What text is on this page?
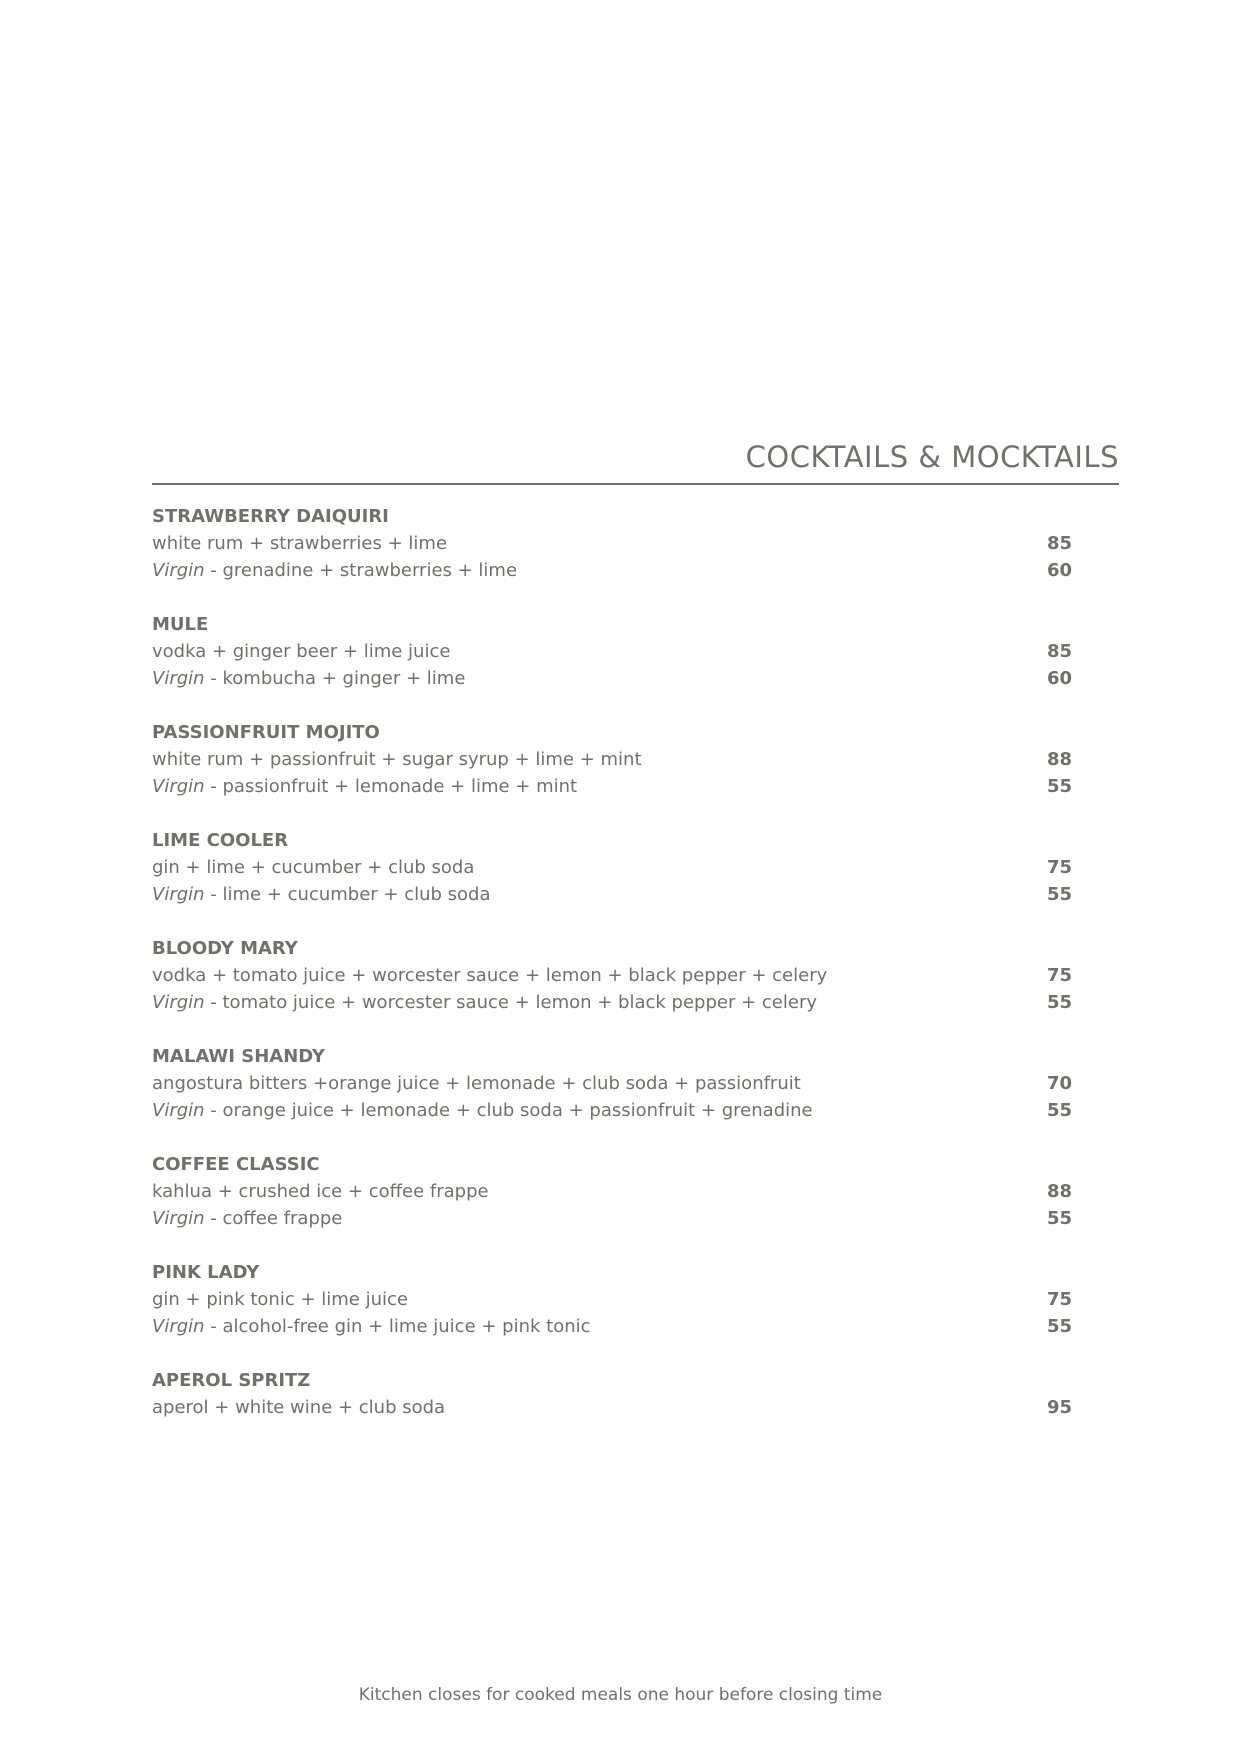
COCKTAILS & MOCKTAILS
STRAWBERRY DAIQUIRI
white rum + strawberries + lime	85
Virgin - grenadine + strawberries + lime	60
MULE
vodka + ginger beer + lime juice	85
Virgin - kombucha + ginger + lime	60
PASSIONFRUIT MOJITO
white rum + passionfruit + sugar syrup + lime + mint	88
Virgin - passionfruit + lemonade + lime + mint	55
LIME COOLER
gin + lime + cucumber + club soda	75
Virgin - lime + cucumber + club soda	55
BLOODY MARY
vodka + tomato juice + worcester sauce + lemon + black pepper + celery	75
Virgin - tomato juice + worcester sauce + lemon + black pepper + celery	55
MALAWI SHANDY
angostura bitters +orange juice + lemonade + club soda + passionfruit	70
Virgin - orange juice + lemonade + club soda + passionfruit + grenadine	55
COFFEE CLASSIC
kahlua + crushed ice + coffee frappe	88
Virgin - coffee frappe	55
PINK LADY
gin + pink tonic + lime juice	75
Virgin - alcohol-free gin + lime juice + pink tonic	55
APEROL SPRITZ
aperol + white wine + club soda	95
Kitchen closes for cooked meals one hour before closing time
